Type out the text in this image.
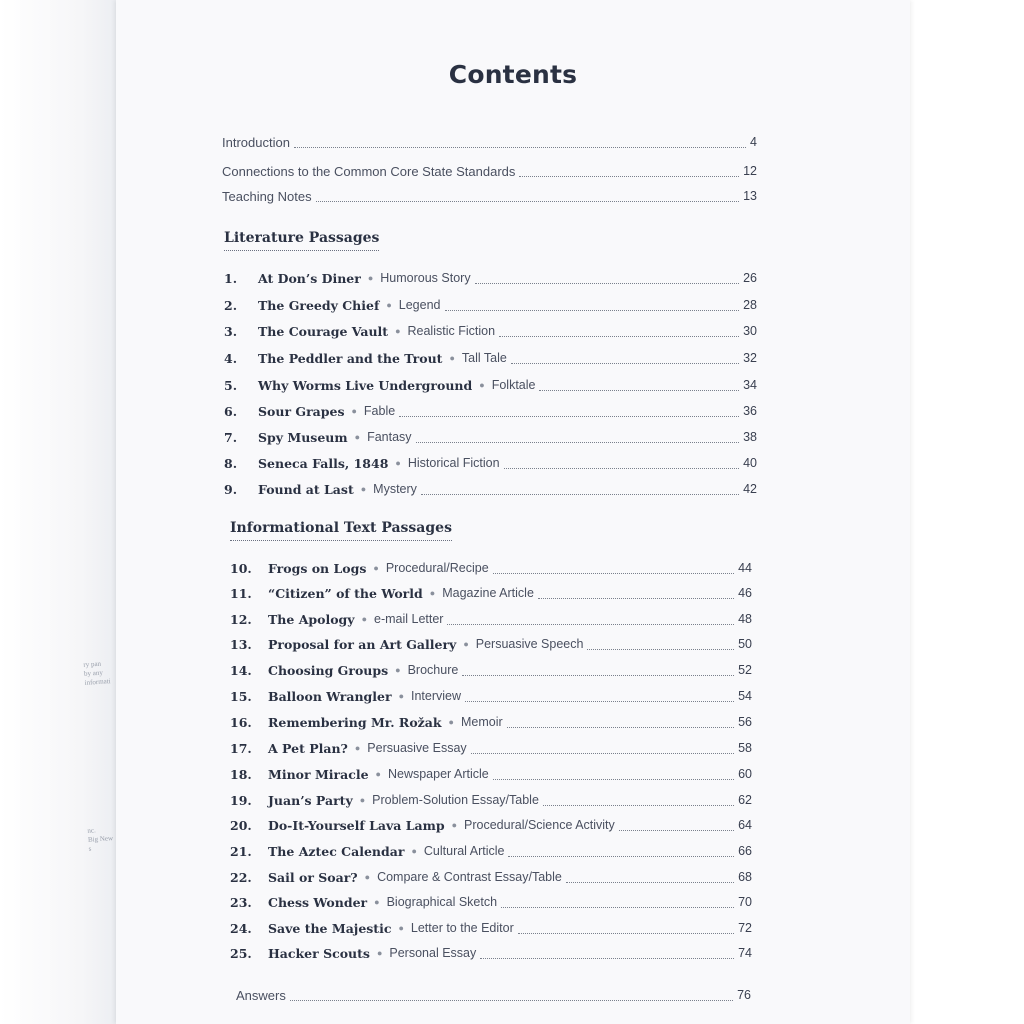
ry pan
by any
informati
nc.
Big New
s
Contents
Introduction	4
Connections to the Common Core State Standards	12
Teaching Notes	13
Literature Passages
1.	At Don’s Diner ● Humorous Story	26
2.	The Greedy Chief ● Legend	28
3.	The Courage Vault ● Realistic Fiction	30
4.	The Peddler and the Trout ● Tall Tale	32
5.	Why Worms Live Underground ● Folktale	34
6.	Sour Grapes ● Fable	36
7.	Spy Museum ● Fantasy	38
8.	Seneca Falls, 1848 ● Historical Fiction	40
9.	Found at Last ● Mystery	42
Informational Text Passages
10.	Frogs on Logs ● Procedural/Recipe	44
11.	“Citizen” of the World ● Magazine Article	46
12.	The Apology ● e-mail Letter	48
13.	Proposal for an Art Gallery ● Persuasive Speech	50
14.	Choosing Groups ● Brochure	52
15.	Balloon Wrangler ● Interview	54
16.	Remembering Mr. Rožak ● Memoir	56
17.	A Pet Plan? ● Persuasive Essay	58
18.	Minor Miracle ● Newspaper Article	60
19.	Juan’s Party ● Problem-Solution Essay/Table	62
20.	Do-It-Yourself Lava Lamp ● Procedural/Science Activity	64
21.	The Aztec Calendar ● Cultural Article	66
22.	Sail or Soar? ● Compare & Contrast Essay/Table	68
23.	Chess Wonder ● Biographical Sketch	70
24.	Save the Majestic ● Letter to the Editor	72
25.	Hacker Scouts ● Personal Essay	74
Answers	76
